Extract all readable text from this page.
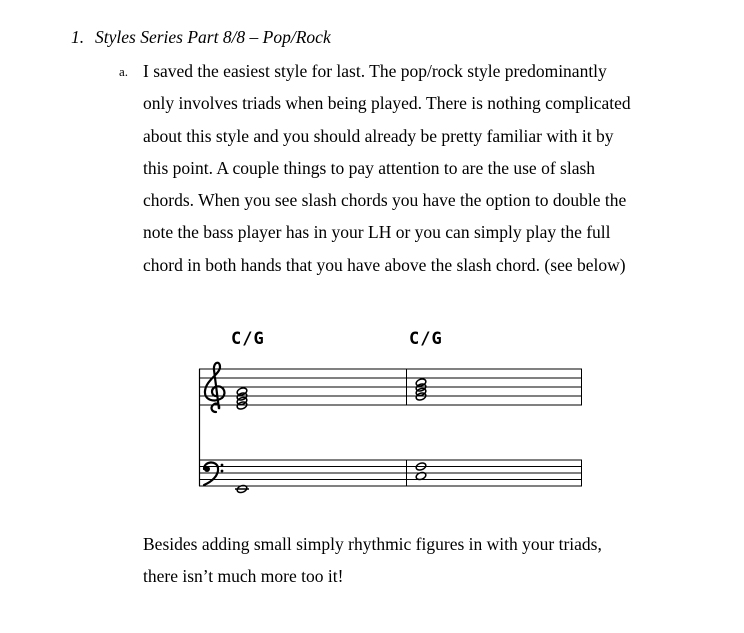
1. Styles Series Part 8/8 – Pop/Rock
a. I saved the easiest style for last. The pop/rock style predominantly
only involves triads when being played. There is nothing complicated
about this style and you should already be pretty familiar with it by
this point. A couple things to pay attention to are the use of slash
chords. When you see slash chords you have the option to double the
note the bass player has in your LH or you can simply play the full
chord in both hands that you have above the slash chord. (see below)
C/G	C/G
Besides adding small simply rhythmic figures in with your triads,
there isn’t much more too it!
